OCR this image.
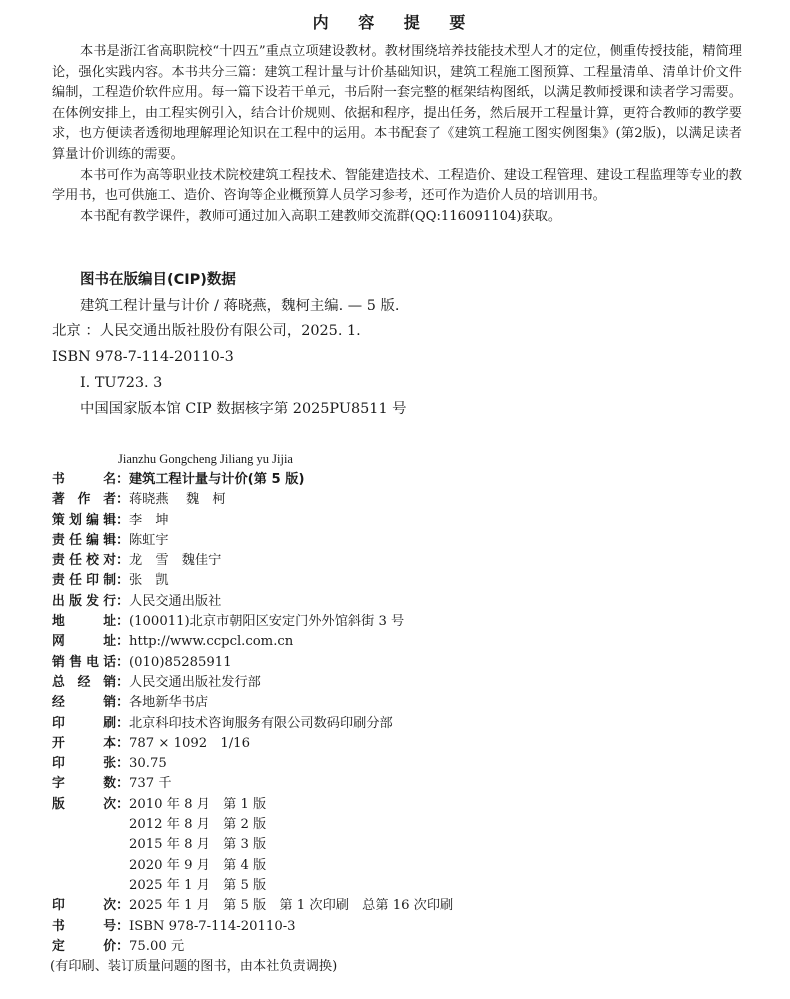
内 容 提 要

本书是浙江省高职院校“十四五”重点立项建设教材。教材围绕培养技能技术型人才的定位，侧重传授技能，精简理论，强化实践内容。本书共分三篇：建筑工程计量与计价基础知识，建筑工程施工图预算、工程量清单、清单计价文件编制，工程造价软件应用。每一篇下设若干单元，书后附一套完整的框架结构图纸，以满足教师授课和读者学习需要。在体例安排上，由工程实例引入，结合计价规则、依据和程序，提出任务，然后展开工程量计算，更符合教师的教学要求，也方便读者透彻地理解理论知识在工程中的运用。本书配套了《建筑工程施工图实例图集》(第2版)，以满足读者算量计价训练的需要。

本书可作为高等职业技术院校建筑工程技术、智能建造技术、工程造价、建设工程管理、建设工程监理等专业的教学用书，也可供施工、造价、咨询等企业概预算人员学习参考，还可作为造价人员的培训用书。

本书配有教学课件，教师可通过加入高职工建教师交流群(QQ:116091104)获取。

图书在版编目(CIP)数据
建筑工程计量与计价 / 蒋晓燕，魏柯主编. — 5 版.
北京 ：人民交通出版社股份有限公司，2025. 1.
ISBN 978-7-114-20110-3
Ⅰ. TU723. 3
中国国家版本馆 CIP 数据核字第 2025PU8511 号
Jianzhu Gongcheng Jiliang yu Jijia
书	名 ： 建筑工程计量与计价(第 5 版)
著 作 者 ： 蒋晓燕　 魏　柯
策 划 编 辑 ： 李　坤
责 任 编 辑 ： 陈虹宇
责 任 校 对 ： 龙　雪　魏佳宁
责 任 印 制 ： 张　凯
出 版 发 行 ： 人民交通出版社
地	址 ： (100011)北京市朝阳区安定门外外馆斜街 3 号
网	址 ： http://www.ccpcl.com.cn
销 售 电 话 ： (010)85285911
总 经 销 ： 人民交通出版社发行部
经	销 ： 各地新华书店
印	刷 ： 北京科印技术咨询服务有限公司数码印刷分部
开	本 ： 787 × 1092　1/16
印	张 ： 30.75
字	数 ： 737 千
版	次 ： 2010 年 8 月　第 1 版
2012 年 8 月　第 2 版
2015 年 8 月　第 3 版
2020 年 9 月　第 4 版
2025 年 1 月　第 5 版
印	次 ： 2025 年 1 月　第 5 版　第 1 次印刷　总第 16 次印刷
书	号 ： ISBN 978-7-114-20110-3
定	价 ： 75.00 元
(有印刷、装订质量问题的图书，由本社负责调换)
